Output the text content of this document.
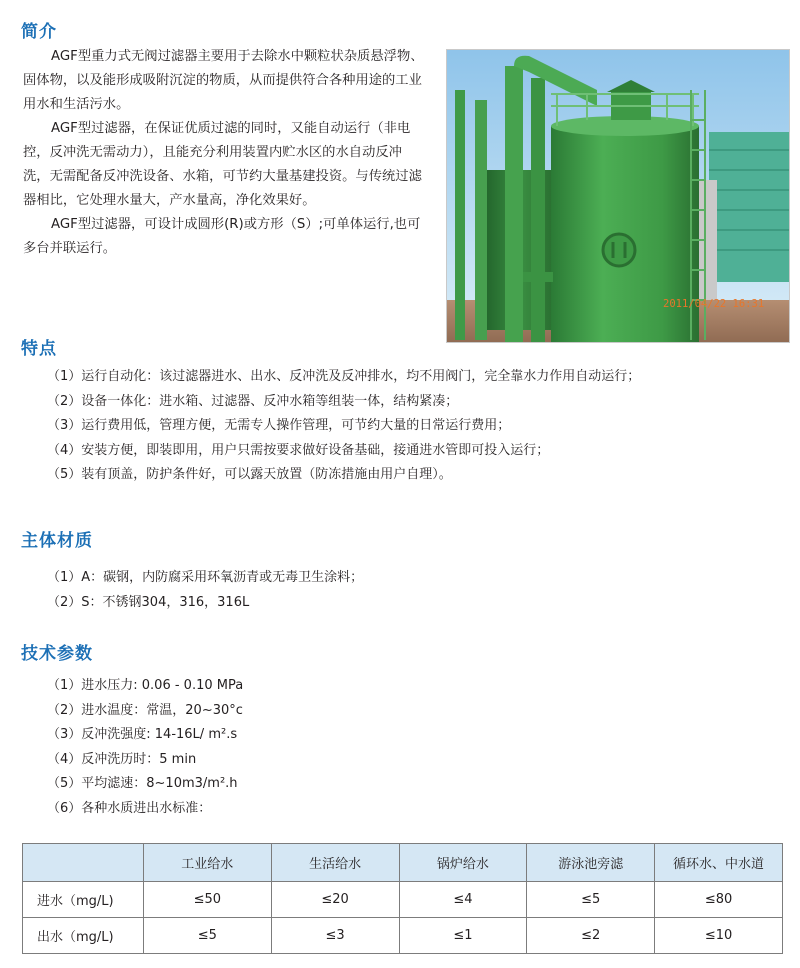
简介

AGF型重力式无阀过滤器主要用于去除水中颗粒状杂质悬浮物、固体物，以及能形成吸附沉淀的物质，从而提供符合各种用途的工业用水和生活污水。

AGF型过滤器，在保证优质过滤的同时，又能自动运行（非电控，反冲洗无需动力），且能充分利用装置内贮水区的水自动反冲洗，无需配备反冲洗设备、水箱，可节约大量基建投资。与传统过滤器相比，它处理水量大，产水量高，净化效果好。

AGF型过滤器，可设计成圆形(R)或方形（S）;可单体运行,也可多台并联运行。

2011/04/22 16:31
特点
（1）运行自动化：该过滤器进水、出水、反冲洗及反冲排水，均不用阀门，完全靠水力作用自动运行；
（2）设备一体化：进水箱、过滤器、反冲水箱等组装一体，结构紧凑；
（3）运行费用低，管理方便，无需专人操作管理，可节约大量的日常运行费用；
（4）安装方便，即装即用，用户只需按要求做好设备基础，接通进水管即可投入运行；
（5）装有顶盖，防护条件好，可以露天放置（防冻措施由用户自理）。
主体材质
（1）A：碳钢，内防腐采用环氧沥青或无毒卫生涂料；
（2）S：不锈钢304，316，316L
技术参数
（1）进水压力: 0.06 - 0.10 MPa
（2）进水温度：常温，20~30°c
（3）反冲洗强度: 14-16L/ m².s
（4）反冲洗历时：5 min
（5）平均滤速：8~10m3/m².h
（6）各种水质进出水标准：
	工业给水	生活给水	锅炉给水	游泳池旁滤	循环水、中水道
进水（mg/L)	≤50	≤20	≤4	≤5	≤80
出水（mg/L)	≤5	≤3	≤1	≤2	≤10
